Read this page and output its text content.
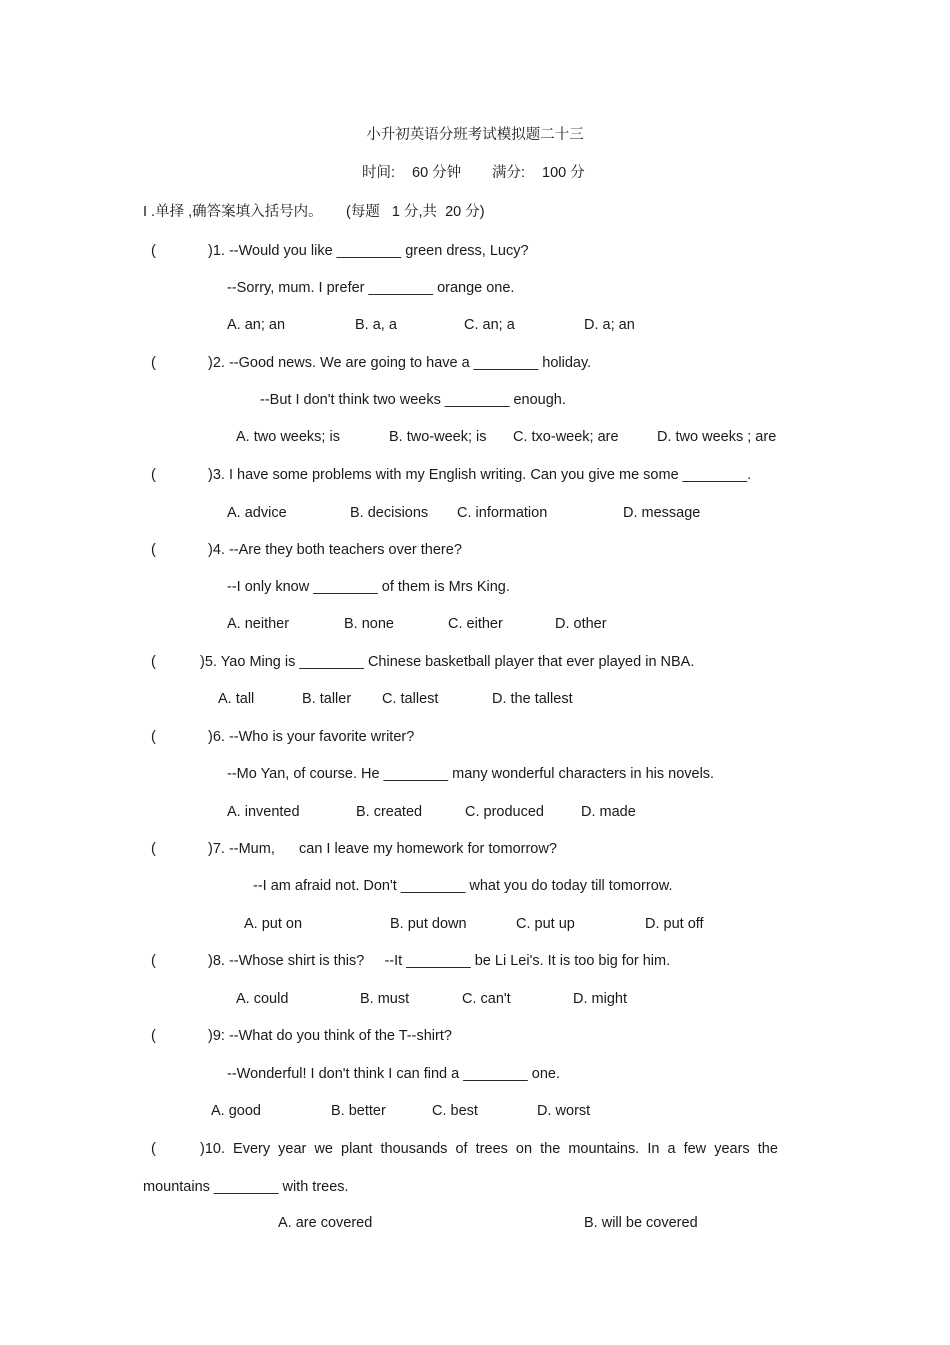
小升初英语分班考试模拟题二十三
时间: 60 分钟 满分: 100 分
I .单择 ,确答案填入括号内。 (每题   1 分,共  20 分)
(	)1. --Would you like ________ green dress, Lucy?
--Sorry, mum. I prefer ________ orange one.
A. an; an	B. a, a	C. an; a	D. a; an
(	)2. --Good news. We are going to have a ________ holiday.
--But I don't think two weeks ________ enough.
A. two weeks; is	B. two-week; is C. txo-week; are	D. two weeks ; are
(	)3. I have some problems with my English writing. Can you give me some ________.
A. advice	B. decisions C. information	D. message
(	)4. --Are they both teachers over there?
--I only know ________ of them is Mrs King.
A. neither	B. none	C. either	D. other
(	)5. Yao Ming is ________ Chinese basketball player that ever played in NBA.
A. tall	B. taller C. tallest	D. the tallest
(	)6. --Who is your favorite writer?
--Mo Yan, of course. He ________ many wonderful characters in his novels.
A. invented	B. created	C. produced	D. made
(	)7. --Mum,      can I leave my homework for tomorrow?
--I am afraid not. Don't ________ what you do today till tomorrow.
A. put on	B. put down	C. put up	D. put off
(	)8. --Whose shirt is this?     --It ________ be Li Lei's. It is too big for him.
A. could	B. must	C. can't	D. might
(	)9: --What do you think of the T--shirt?
--Wonderful! I don't think I can find a ________ one.
A. good	B. better	C. best	D. worst
(	)10.  Every  year  we  plant  thousands  of  trees  on  the  mountains.  In  a  few  years  the
mountains ________ with trees.
A. are covered	B. will be covered
